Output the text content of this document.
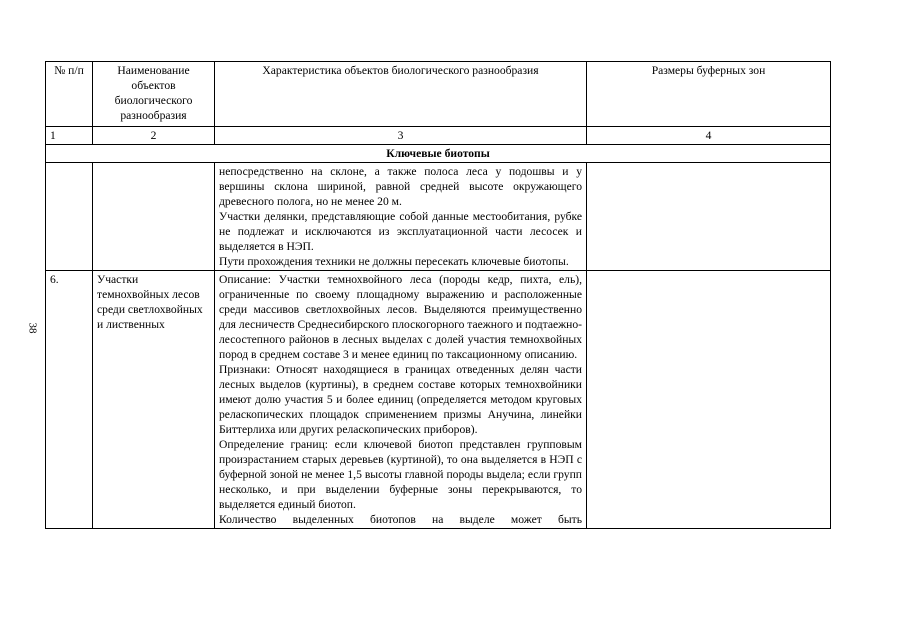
38
№ п/п	Наименование объектов биологического разнообразия	Характеристика объектов биологического разнообразия	Размеры буферных зон
1	2	3	4
Ключевые биотопы			

		непосредственно на склоне, а также полоса леса у подошвы и у вершины склона шириной, равной средней высоте окружающего древесного полога, но не менее 20 м.

Участки делянки, представляющие собой данные местообитания, рубке не подлежат и исключаются из эксплуатационной части лесосек и выделяется в НЭП.

Пути прохождения техники не должны пересекать ключевые биотопы.	

6.	Участки темнохвойных лесов среди светлохвойных и лиственных	Описание: Участки темнохвойного леса (породы кедр, пихта, ель), ограниченные по своему площадному выражению и расположенные среди массивов светлохвойных лесов. Выделяются преимущественно для лесничеств Среднесибирского плоскогорного таежного и подтаежно-лесостепного районов в лесных выделах с долей участия темнохвойных пород в среднем составе 3 и менее единиц по таксационному описанию.

Признаки: Относят находящиеся в границах отведенных делян части лесных выделов (куртины), в среднем составе которых темнохвойники имеют долю участия 5 и более единиц (определяется методом круговых реласкопических площадок сприменением призмы Анучина, линейки Биттерлиха или других реласкопических приборов).

Определение границ: если ключевой биотоп представлен групповым произрастанием старых деревьев (куртиной), то она выделяется в НЭП с буферной зоной не менее 1,5 высоты главной породы выдела; если групп несколько, и при выделении буферные зоны перекрываются, то выделяется единый биотоп.

Количество выделенных биотопов на выделе может быть	
